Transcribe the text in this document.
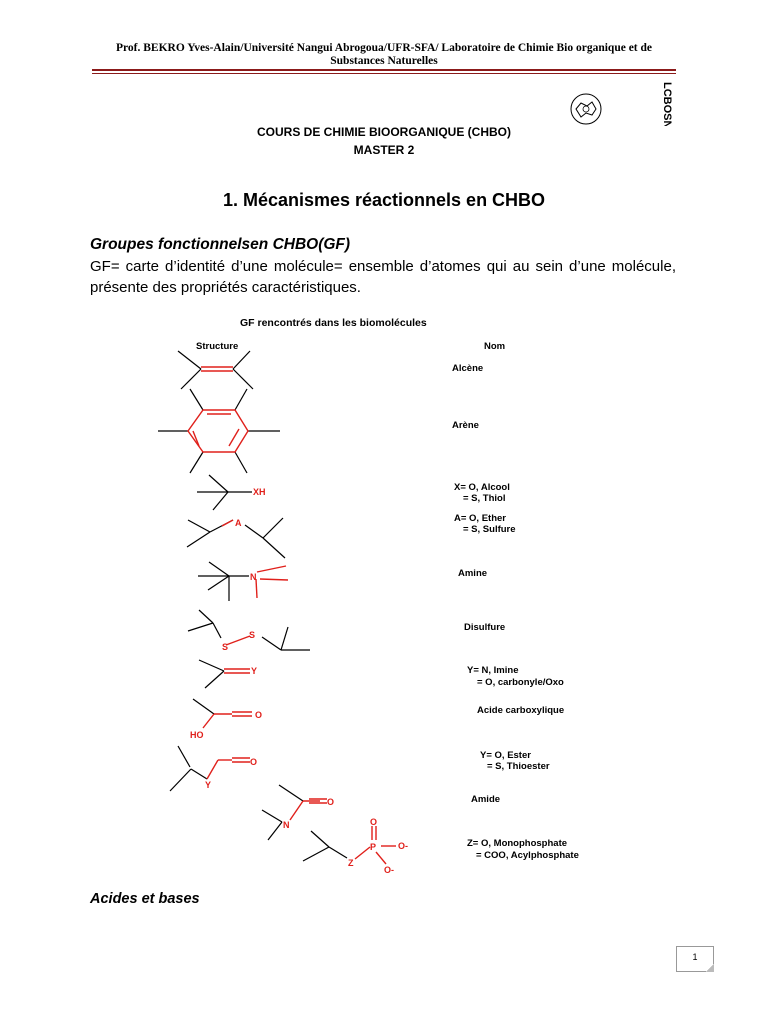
Prof. BEKRO Yves-Alain/Université Nangui Abrogoua/UFR-SFA/ Laboratoire de Chimie Bio organique et de
Substances Naturelles
LCBOSN
COURS DE CHIMIE BIOORGANIQUE (CHBO)
MASTER 2
1. Mécanismes réactionnels en CHBO
Groupes fonctionnelsen CHBO(GF)
GF= carte d’identité d’une molécule= ensemble d’atomes qui au sein d’une molécule, présente des propriétés caractéristiques.
GF rencontrés dans les biomolécules
XH
A
N
S
S
Y
O
HO
O
Y
O
N	O
P O-
O-
Z
Structure	Nom
Alcène
Arène
X= O, Alcool
= S, Thiol
A= O, Ether
= S, Sulfure
Amine
Disulfure
Y= N, Imine
= O, carbonyle/Oxo
Acide carboxylique
Y= O, Ester
= S, Thioester
Amide
Z= O, Monophosphate
= COO, Acylphosphate
Acides et bases
1
